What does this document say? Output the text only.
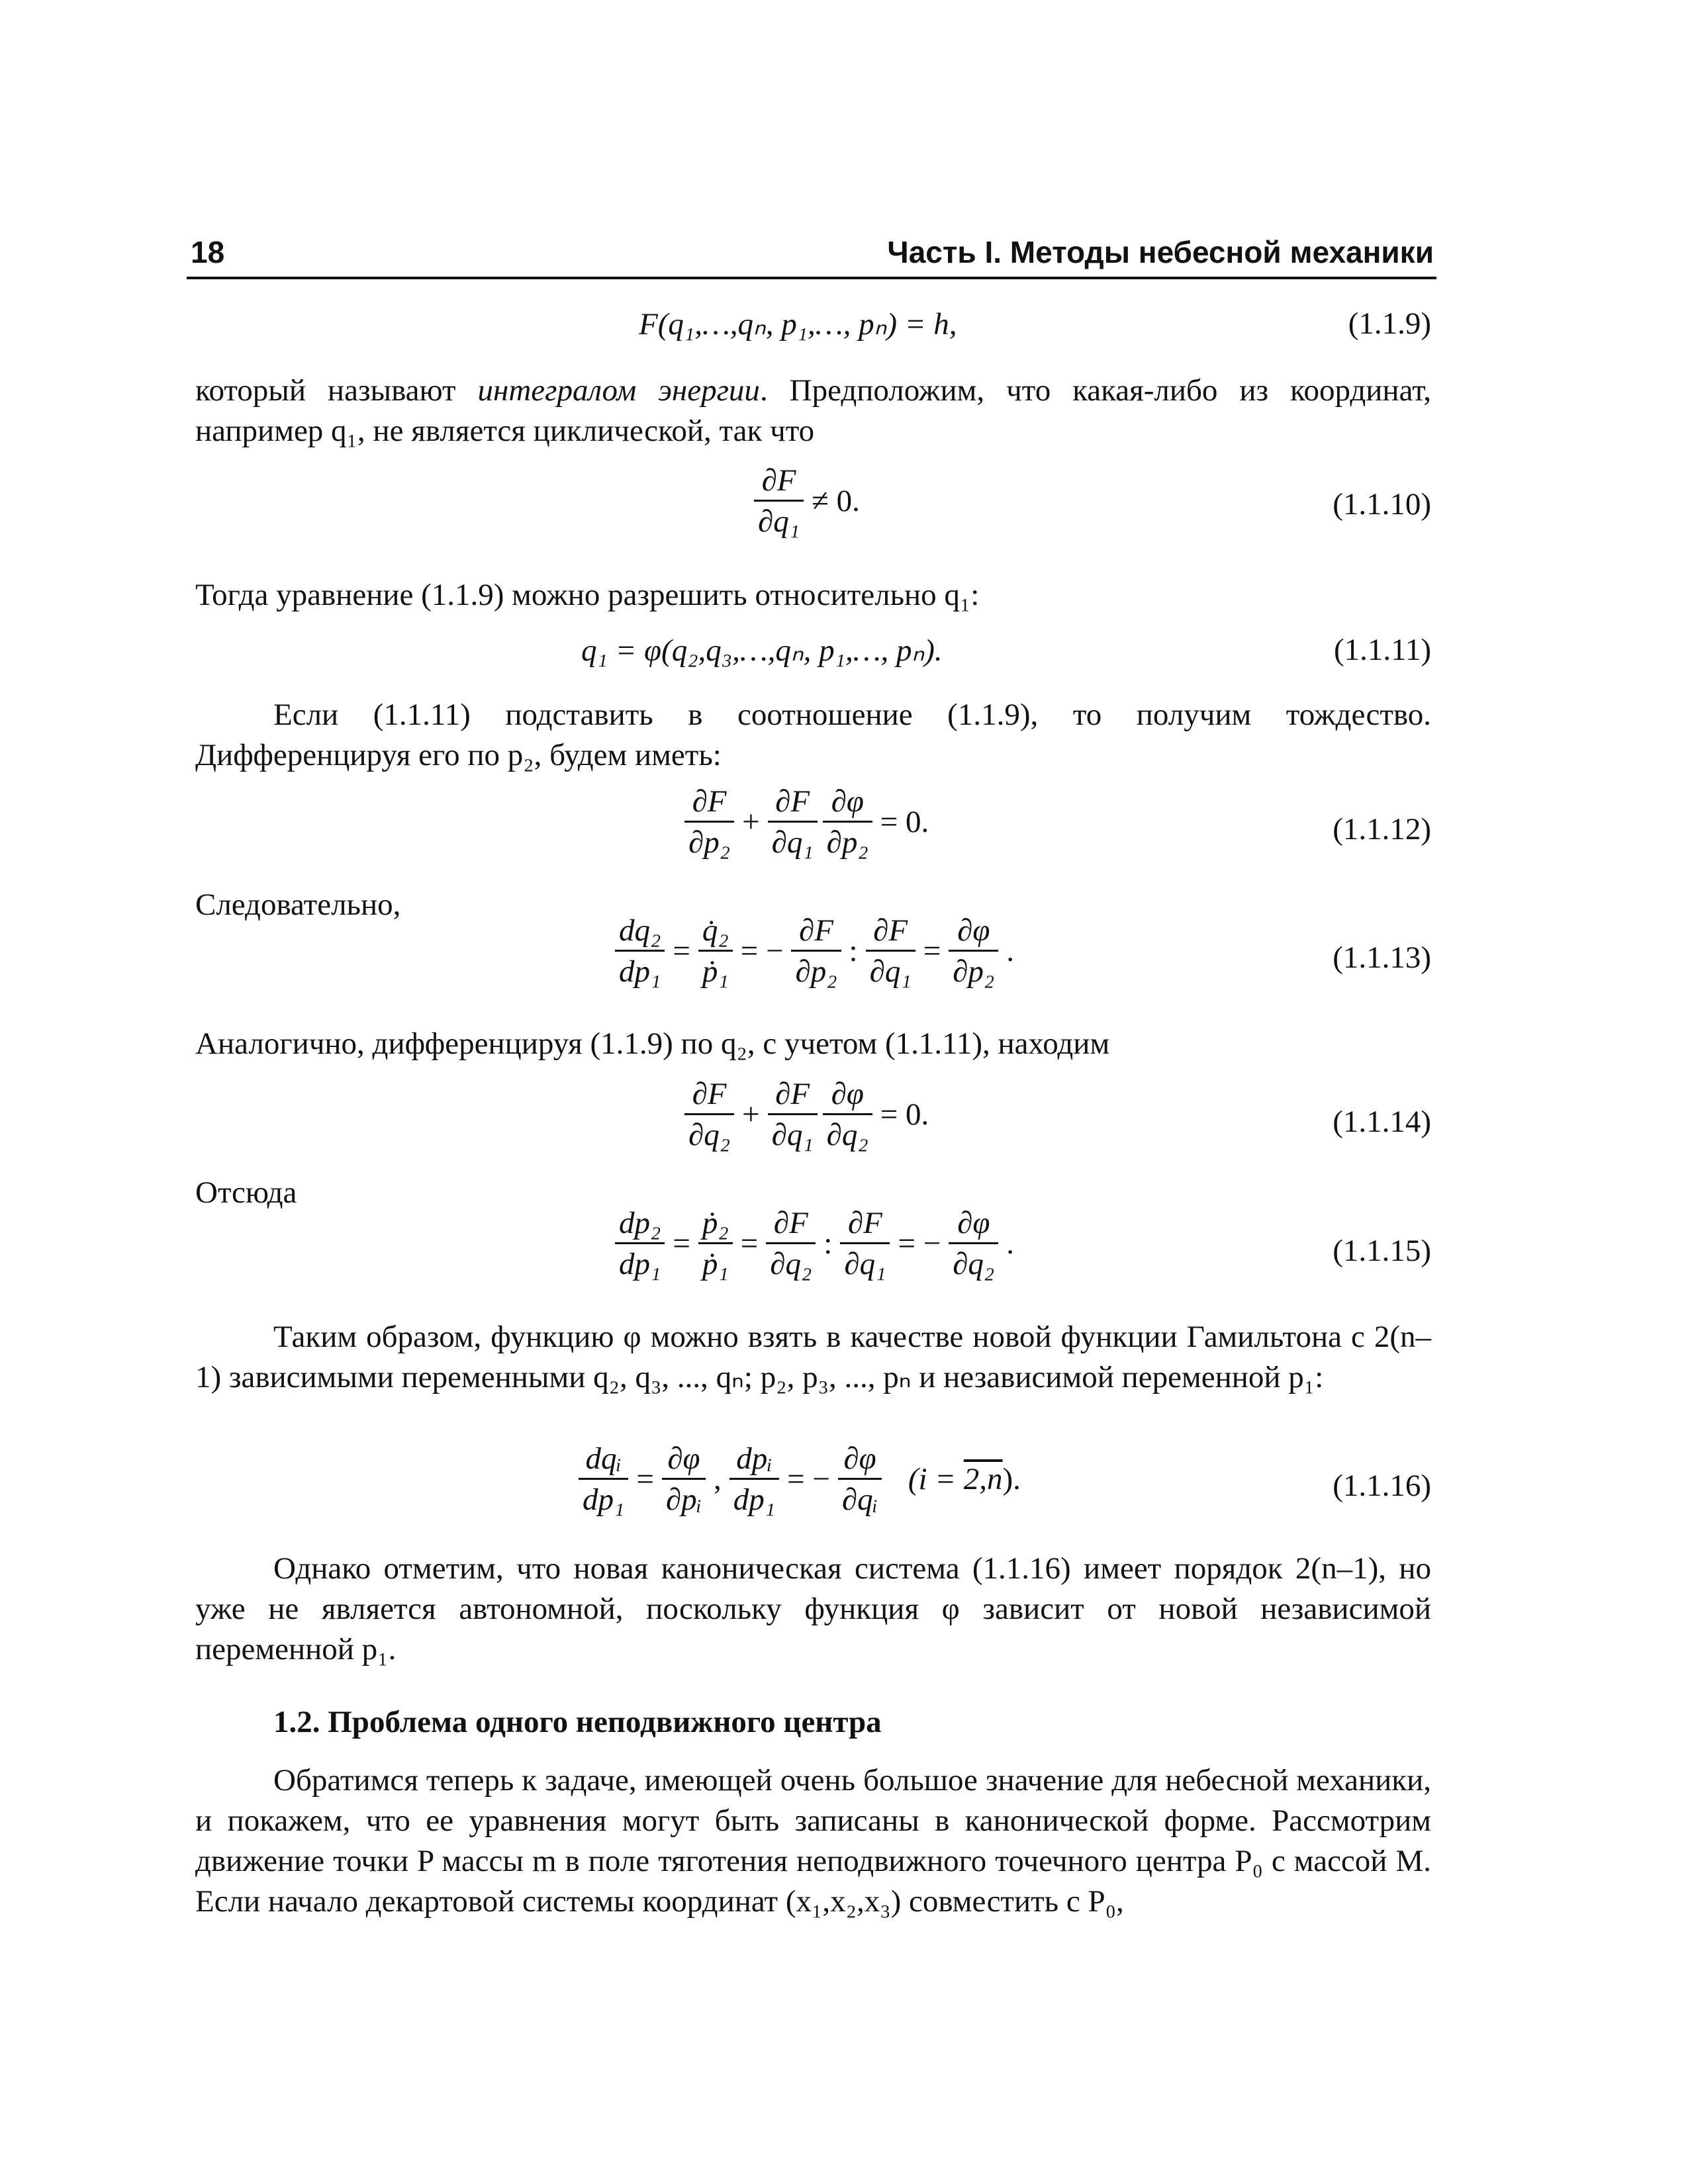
18	Часть I. Методы небесной механики
F(q₁,…,qₙ, p₁,…, pₙ) = h,	(1.1.9)
который называют интегралом энергии. Предположим, что какая-либо из координат, например q₁, не является циклической, так что
$\frac{\partial F}{\text{∂q₁}} \ne 0$.	(1.1.10)
Тогда уравнение (1.1.9) можно разрешить относительно q₁:
q₁ = φ(q₂,q₃,…,qₙ, p₁,…, pₙ).	(1.1.11)
Если (1.1.11) подставить в соотношение (1.1.9), то получим тождество. Дифференцируя его по p₂, будем иметь:
$\frac{\partial F}{\text{∂p₂}} + \frac{\partial F}{\text{∂q₁}} \frac{\partial\varphi}{\text{∂p₂}} = 0$.	(1.1.12)
Следовательно,
$\frac{\text{dq₂}}{\text{dp₁}} = \frac{\text{q̇₂}}{\text{ṗ₁}}$ = − $\frac{\partial F}{\text{∂p₂}}$ : $\frac{\partial F}{\text{∂q₁}} = \frac{\partial\varphi}{\text{∂p₂}}$ .	(1.1.13)
Аналогично, дифференцируя (1.1.9) по q₂, с учетом (1.1.11), находим
$\frac{\partial F}{\text{∂q₂}} + \frac{\partial F}{\text{∂q₁}} \frac{\partial\varphi}{\text{∂q₂}} = 0$.	(1.1.14)
Отсюда
$\frac{\text{dp₂}}{\text{dp₁}} = \frac{\text{ṗ₂}}{\text{ṗ₁}} = \frac{\partial F}{\text{∂q₂}}$ : $\frac{\partial F}{\text{∂q₁}}$ = − $\frac{\partial\varphi}{\text{∂q₂}}$ .	(1.1.15)
Таким образом, функцию φ можно взять в качестве новой функции Гамильтона с 2(n–1) зависимыми переменными q₂, q₃, ..., qₙ; p₂, p₃, ..., pₙ и независимой переменной p₁:
$\frac{\text{dqᵢ}}{\text{dp₁}} = \frac{\partial\varphi}{\text{∂pᵢ}}$ , $\frac{\text{dpᵢ}}{\text{dp₁}}$ = − $\frac{\partial\varphi}{\text{∂qᵢ}} (i = 2,n)$.	(1.1.16)
Однако отметим, что новая каноническая система (1.1.16) имеет порядок 2(n–1), но уже не является автономной, поскольку функция φ зависит от новой независимой переменной p₁.
1.2. Проблема одного неподвижного центра
Обратимся теперь к задаче, имеющей очень большое значение для небесной механики, и покажем, что ее уравнения могут быть записаны в канонической форме. Рассмотрим движение точки P массы m в поле тяготения неподвижного точечного центра P₀ с массой M. Если начало декартовой системы координат (x₁,x₂,x₃) совместить с P₀,
